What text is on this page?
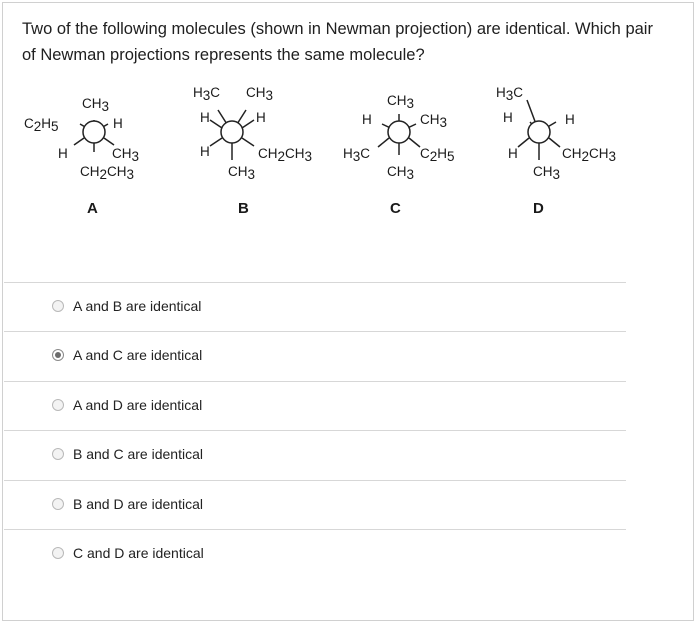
Two of the following molecules (shown in Newman projection) are identical. Which pair of Newman projections represents the same molecule?
CH3
C2H5	H
H	CH3
CH2CH3
A
H3C CH3
H	H
H	CH2CH3
CH3
B
CH3
H	CH3
H3C	C2H5
CH3
C
H3C
H	H
H	CH2CH3
CH3
D
A and B are identical
A and C are identical
A and D are identical
B and C are identical
B and D are identical
C and D are identical
